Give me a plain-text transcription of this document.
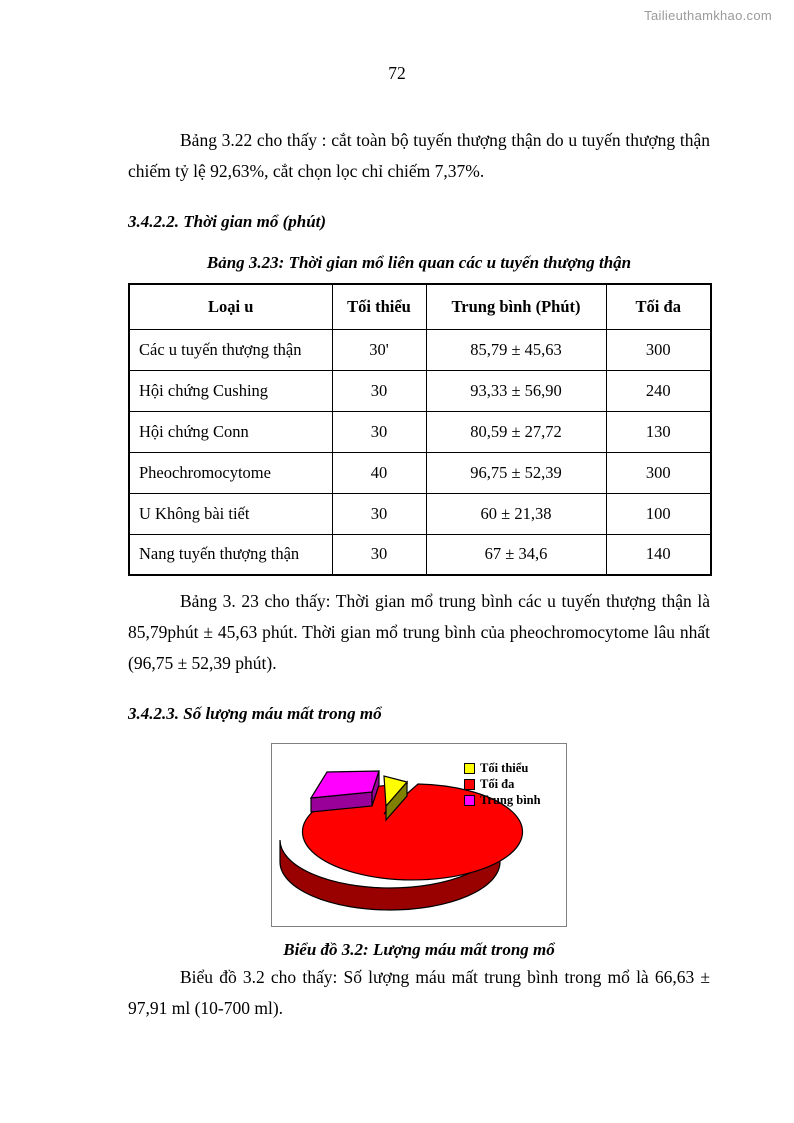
Tailieuthamkhao.com
72

Bảng 3.22 cho thấy : cắt toàn bộ tuyến thượng thận do u tuyến thượng thận chiếm tỷ lệ 92,63%, cắt chọn lọc chỉ chiếm 7,37%.

3.4.2.2. Thời gian mổ (phút)
Bảng 3.23: Thời gian mổ liên quan các u tuyến thượng thận
Loại u	Tối thiểu	Trung bình (Phút)	Tối đa
Các u tuyến thượng thận	30'	85,79 ± 45,63	300
Hội chứng Cushing	30	93,33 ± 56,90	240
Hội chứng Conn	30	80,59 ± 27,72	130
Pheochromocytome	40	96,75 ± 52,39	300
U Không bài tiết	30	60 ± 21,38	100
Nang tuyến thượng thận	30	67 ± 34,6	140

Bảng 3. 23 cho thấy: Thời gian mổ trung bình các u tuyến thượng thận là 85,79phút ± 45,63 phút. Thời gian mổ trung bình của pheochromocytome lâu nhất (96,75 ± 52,39 phút).

3.4.2.3. Số lượng máu mất trong mổ
Tối thiểu
Tối đa
Trung bình
Biểu đồ 3.2: Lượng máu mất trong mổ

Biểu đồ 3.2 cho thấy: Số lượng máu mất trung bình trong mổ là 66,63 ± 97,91 ml (10-700 ml).
